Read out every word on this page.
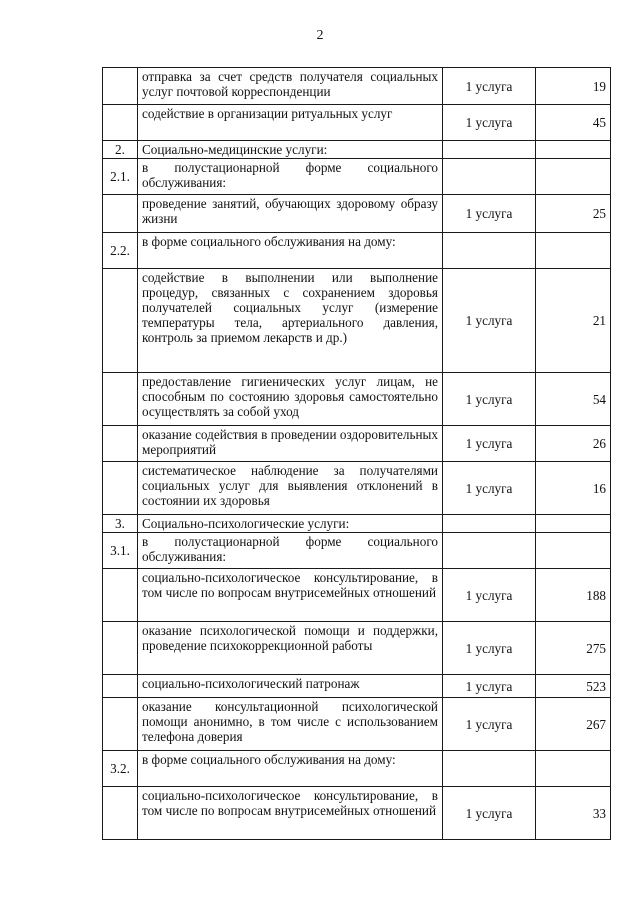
2
	отправка за счет средств получателя социальных услуг почтовой корреспонденции	1 услуга	19
	содействие в организации ритуальных услуг	1 услуга	45
2.	Социально-медицинские услуги:		
2.1.	в полустационарной форме социального обслуживания:		
	проведение занятий, обучающих здоровому образу жизни	1 услуга	25
2.2.	в форме социального обслуживания на дому:		
	содействие в выполнении или выполнение процедур, связанных с сохранением здоровья получателей социальных услуг (измерение температуры тела, артериального давления, контроль за приемом лекарств и др.)	1 услуга	21
	предоставление гигиенических услуг лицам, не способным по состоянию здоровья самостоятельно осуществлять за собой уход	1 услуга	54
	оказание содействия в проведении оздоровительных мероприятий	1 услуга	26
	систематическое наблюдение за получателями социальных услуг для выявления отклонений в состоянии их здоровья	1 услуга	16
3.	Социально-психологические услуги:		
3.1.	в полустационарной форме социального обслуживания:		
	социально-психологическое консультирование, в том числе по вопросам внутрисемейных отношений	1 услуга	188
	оказание психологической помощи и поддержки, проведение психокоррекционной работы	1 услуга	275
	социально-психологический патронаж	1 услуга	523
	оказание консультационной психологической помощи анонимно, в том числе с использованием телефона доверия	1 услуга	267
3.2.	в форме социального обслуживания на дому:		
	социально-психологическое консультирование, в том числе по вопросам внутрисемейных отношений	1 услуга	33
